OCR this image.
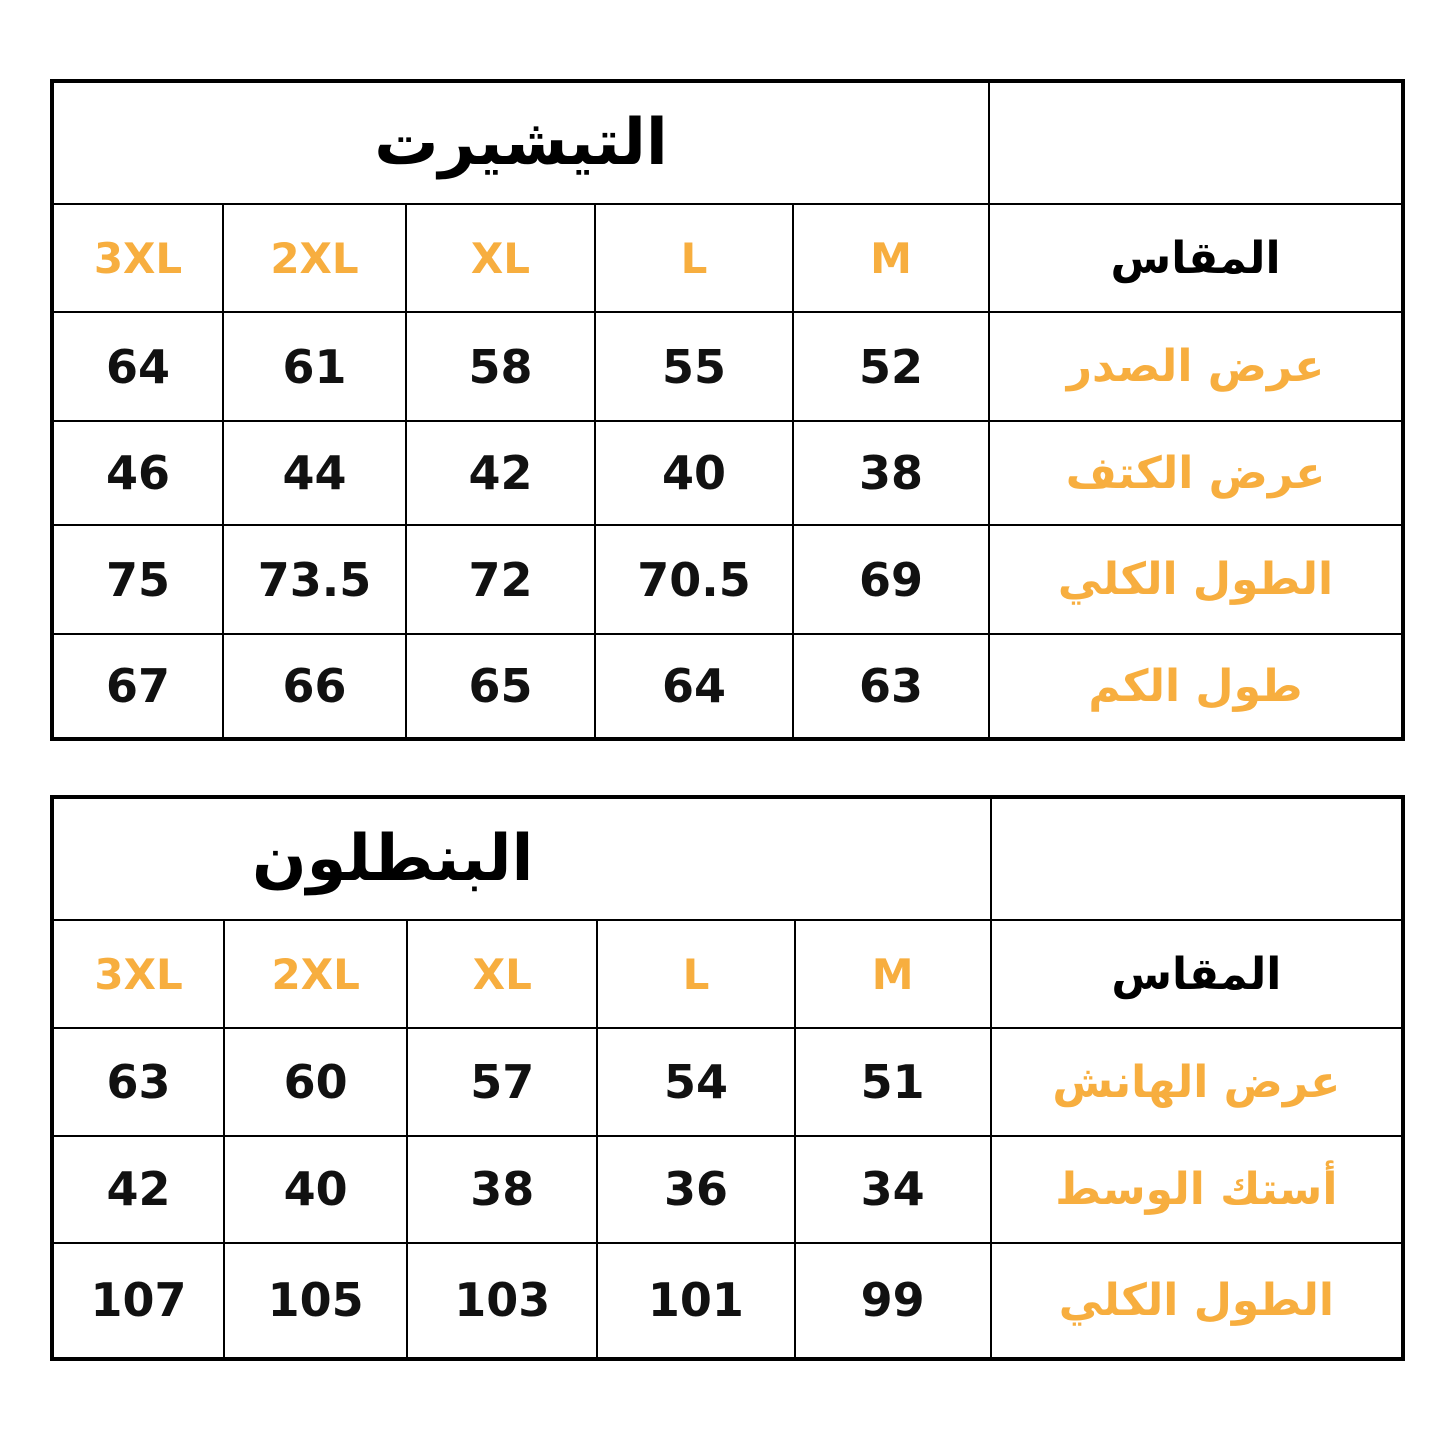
التيشيرت					
3XL	2XL	XL	L	M	المقاس
64	61	58	55	52	عرض الصدر
46	44	42	40	38	عرض الكتف
75	73.5	72	70.5	69	الطول الكلي
67	66	65	64	63	طول الكم
البنطلون					
3XL	2XL	XL	L	M	المقاس
63	60	57	54	51	عرض الهانش
42	40	38	36	34	أستك الوسط
107	105	103	101	99	الطول الكلي
